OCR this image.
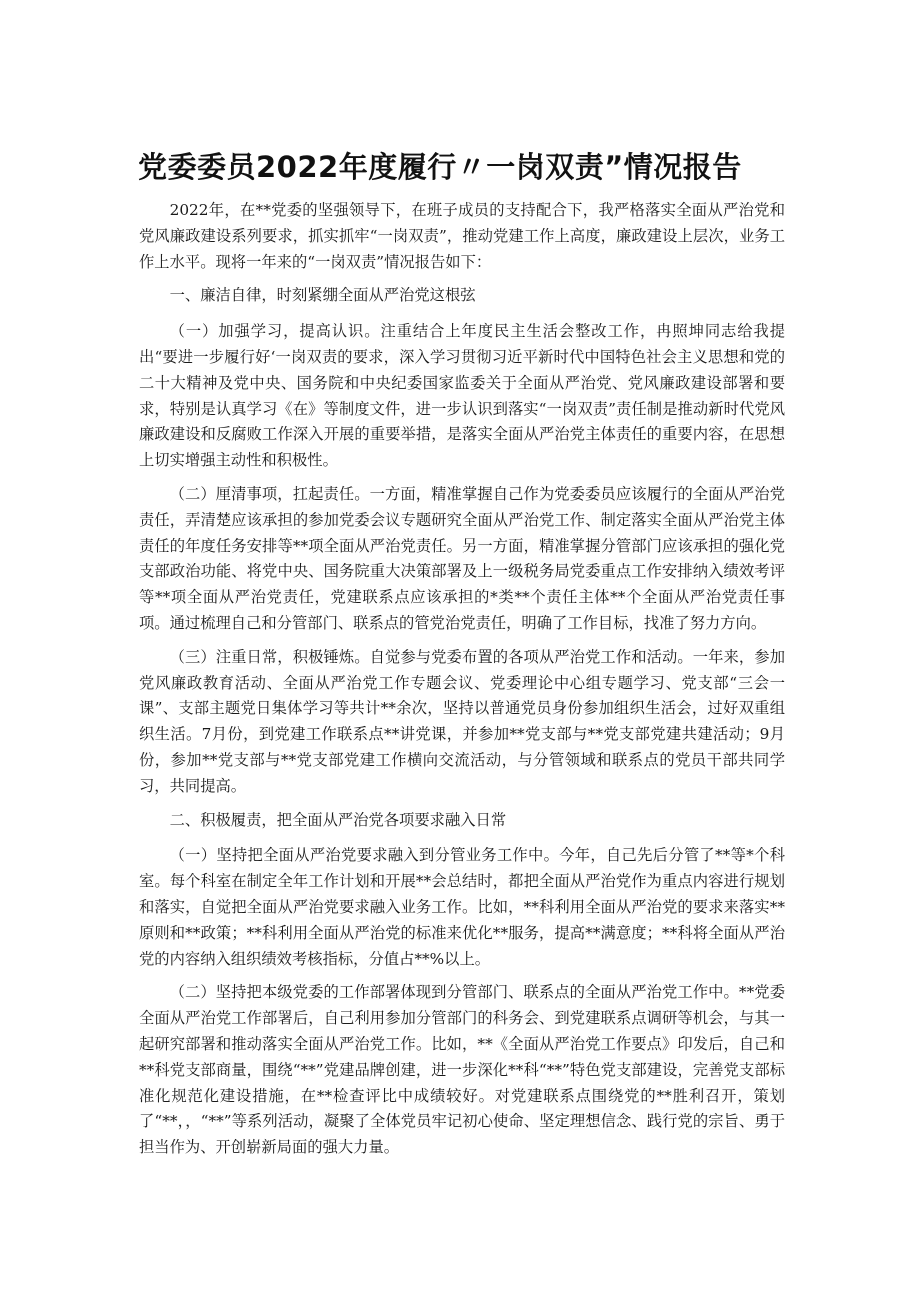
党委委员2022年度履行〃一岗双责”情况报告

2022年，在**党委的坚强领导下，在班子成员的支持配合下，我严格落实全面从严治党和党风廉政建设系列要求，抓实抓牢“一岗双责”，推动党建工作上高度，廉政建设上层次，业务工作上水平。现将一年来的“一岗双责”情况报告如下：

一、廉洁自律，时刻紧绷全面从严治党这根弦

（一）加强学习，提高认识。注重结合上年度民主生活会整改工作，冉照坤同志给我提出“要进一步履行好‘一岗双责的要求，深入学习贯彻习近平新时代中国特色社会主义思想和党的二十大精神及党中央、国务院和中央纪委国家监委关于全面从严治党、党风廉政建设部署和要求，特别是认真学习《在》等制度文件，进一步认识到落实“一岗双责”责任制是推动新时代党风廉政建设和反腐败工作深入开展的重要举措，是落实全面从严治党主体责任的重要内容，在思想上切实增强主动性和积极性。

（二）厘清事项，扛起责任。一方面，精准掌握自己作为党委委员应该履行的全面从严治党责任，弄清楚应该承担的参加党委会议专题研究全面从严治党工作、制定落实全面从严治党主体责任的年度任务安排等**项全面从严治党责任。另一方面，精准掌握分管部门应该承担的强化党支部政治功能、将党中央、国务院重大决策部署及上一级税务局党委重点工作安排纳入绩效考评等**项全面从严治党责任，党建联系点应该承担的*类**个责任主体**个全面从严治党责任事项。通过梳理自己和分管部门、联系点的管党治党责任，明确了工作目标，找准了努力方向。

（三）注重日常，积极锤炼。自觉参与党委布置的各项从严治党工作和活动。一年来，参加党风廉政教育活动、全面从严治党工作专题会议、党委理论中心组专题学习、党支部“三会一课”、支部主题党日集体学习等共计**余次，坚持以普通党员身份参加组织生活会，过好双重组织生活。7月份，到党建工作联系点**讲党课，并参加**党支部与**党支部党建共建活动；9月份，参加**党支部与**党支部党建工作横向交流活动，与分管领域和联系点的党员干部共同学习，共同提高。

二、积极履责，把全面从严治党各项要求融入日常

（一）坚持把全面从严治党要求融入到分管业务工作中。今年，自己先后分管了**等*个科室。每个科室在制定全年工作计划和开展**会总结时，都把全面从严治党作为重点内容进行规划和落实，自觉把全面从严治党要求融入业务工作。比如，**科利用全面从严治党的要求来落实**原则和**政策；**科利用全面从严治党的标准来优化**服务，提高**满意度；**科将全面从严治党的内容纳入组织绩效考核指标，分值占**%以上。

（二）坚持把本级党委的工作部署体现到分管部门、联系点的全面从严治党工作中。**党委全面从严治党工作部署后，自己利用参加分管部门的科务会、到党建联系点调研等机会，与其一起研究部署和推动落实全面从严治党工作。比如，**《全面从严治党工作要点》印发后，自己和**科党支部商量，围绕“**”党建品牌创建，进一步深化**科“**”特色党支部建设，完善党支部标准化规范化建设措施，在**检查评比中成绩较好。对党建联系点围绕党的**胜利召开，策划了“**，，“**”等系列活动，凝聚了全体党员牢记初心使命、坚定理想信念、践行党的宗旨、勇于担当作为、开创崭新局面的强大力量。
